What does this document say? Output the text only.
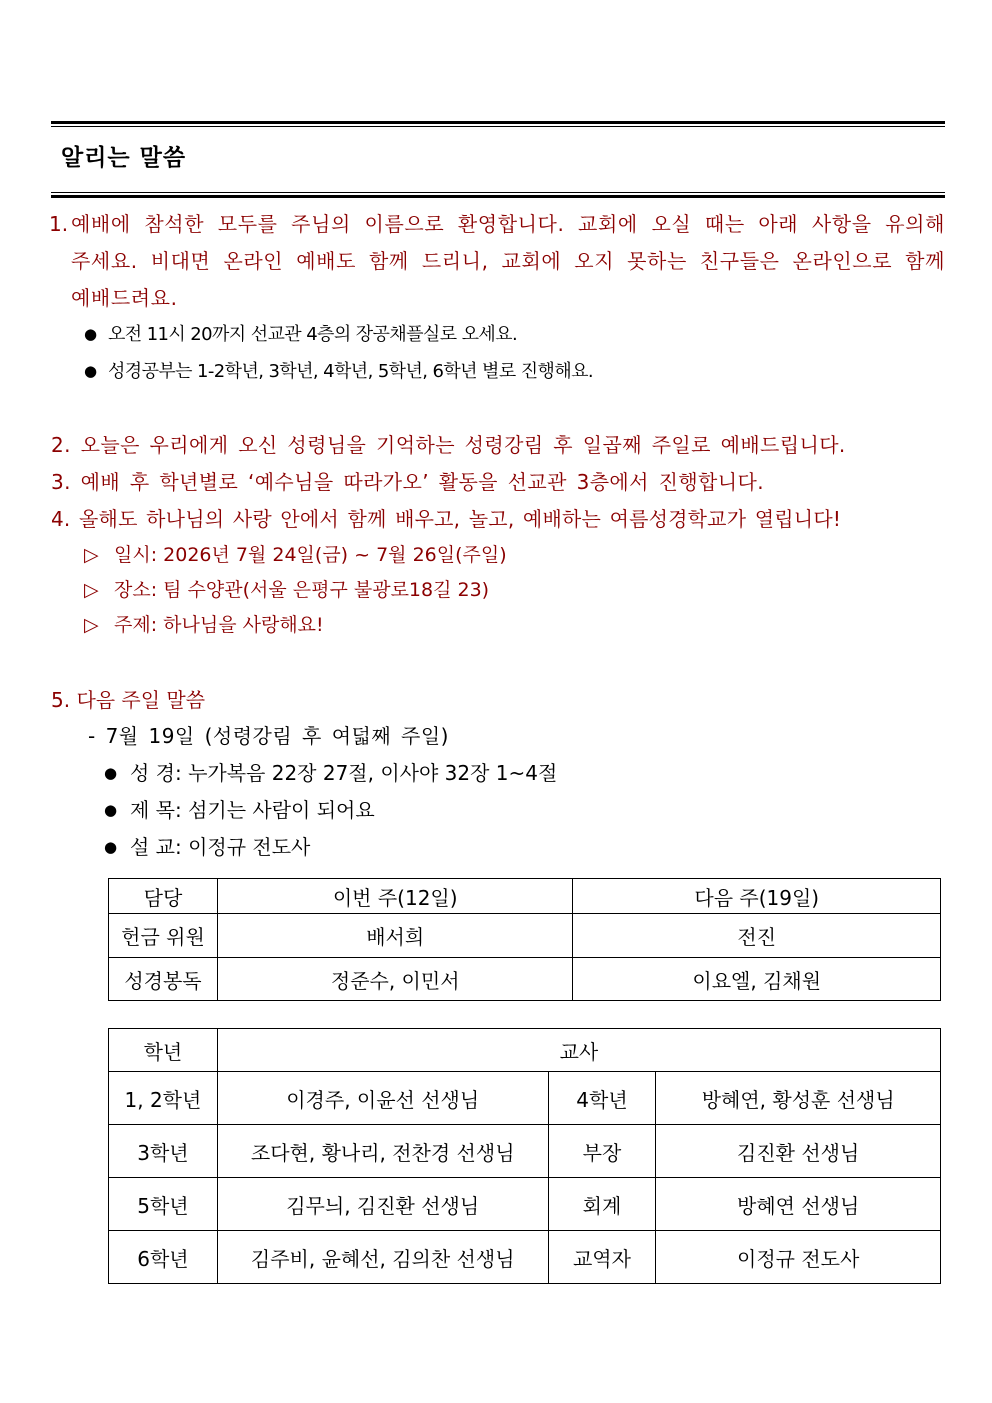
알리는 말씀
1. 예배에 참석한 모두를 주님의 이름으로 환영합니다. 교회에 오실 때는 아래 사항을 유의해 주세요. 비대면 온라인 예배도 함께 드리니, 교회에 오지 못하는 친구들은 온라인으로 함께 예배드려요.
● 오전 11시 20까지 선교관 4층의 장공채플실로 오세요.
● 성경공부는 1-2학년, 3학년, 4학년, 5학년, 6학년 별로 진행해요.
2. 오늘은 우리에게 오신 성령님을 기억하는 성령강림 후 일곱째 주일로 예배드립니다.
3. 예배 후 학년별로 ‘예수님을 따라가오’ 활동을 선교관 3층에서 진행합니다.
4. 올해도 하나님의 사랑 안에서 함께 배우고, 놀고, 예배하는 여름성경학교가 열립니다!
▷ 일시: 2026년 7월 24일(금) ~ 7월 26일(주일)
▷ 장소: 팀 수양관(서울 은평구 불광로18길 23)
▷ 주제: 하나님을 사랑해요!
5. 다음 주일 말씀
- 7월 19일 (성령강림 후 여덟째 주일)
● 성 경: 누가복음 22장 27절, 이사야 32장 1~4절
● 제 목: 섬기는 사람이 되어요
● 설 교: 이정규 전도사
담당	이번 주(12일)	다음 주(19일)
헌금 위원	배서희	전진
성경봉독	정준수, 이민서	이요엘, 김채원
학년	교사		
1, 2학년	이경주, 이윤선 선생님	4학년	방혜연, 황성훈 선생님
3학년	조다현, 황나리, 전찬경 선생님	부장	김진환 선생님
5학년	김무늬, 김진환 선생님	회계	방혜연 선생님
6학년	김주비, 윤혜선, 김의찬 선생님	교역자	이정규 전도사
